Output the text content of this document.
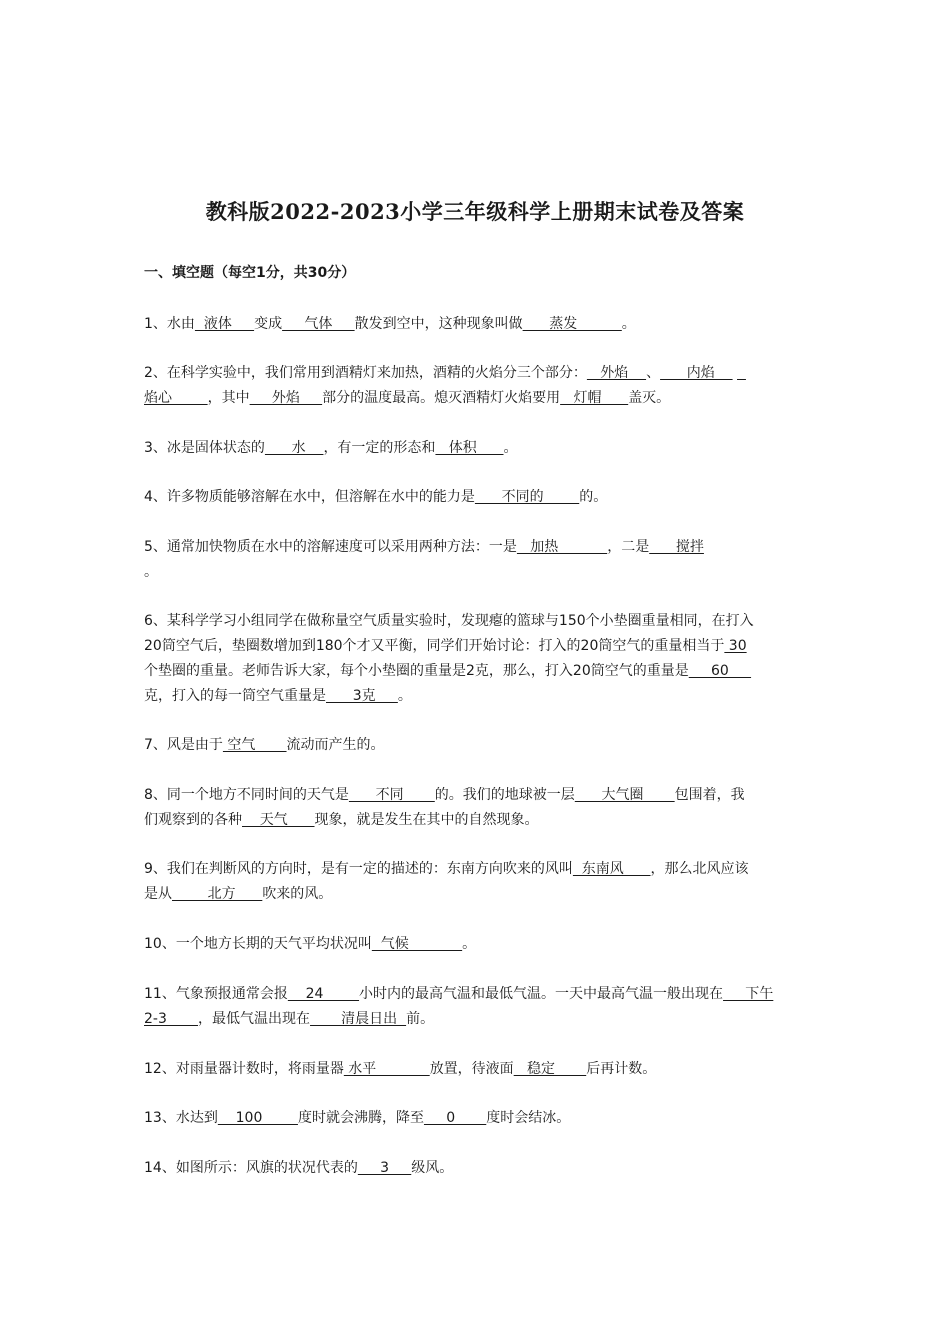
教科版2022-2023小学三年级科学上册期末试卷及答案
一、填空题（每空1分，共30分）
1、水由  液体     变成     气体     散发到空中，这种现象叫做      蒸发          。
2、在科学实验中，我们常用到酒精灯来加热，酒精的火焰分三个部分：   外焰    、      内焰
焰心        ，其中     外焰     部分的温度最高。熄灭酒精灯火焰要用   灯帽      盖灭。
3、冰是固体状态的      水    ，有一定的形态和   体积      。
4、许多物质能够溶解在水中，但溶解在水中的能力是      不同的        的。
5、通常加快物质在水中的溶解速度可以采用两种方法：一是   加热           ，二是      搅拌
。
6、某科学学习小组同学在做称量空气质量实验时，发现瘪的篮球与150个小垫圈重量相同，在打入
20筒空气后，垫圈数增加到180个才又平衡，同学们开始讨论：打入的20筒空气的重量相当于 30
个垫圈的重量。老师告诉大家，每个小垫圈的重量是2克，那么，打入20筒空气的重量是     60
克，打入的每一筒空气重量是      3克     。
7、风是由于 空气       流动而产生的。
8、同一个地方不同时间的天气是      不同       的。我们的地球被一层      大气圈       包围着，我
们观察到的各种    天气      现象，就是发生在其中的自然现象。
9、我们在判断风的方向时，是有一定的描述的：东南方向吹来的风叫  东南风      ，那么北风应该
是从        北方      吹来的风。
10、一个地方长期的天气平均状况叫  气候            。
11、气象预报通常会报    24        小时内的最高气温和最低气温。一天中最高气温一般出现在     下午
2-3       ，最低气温出现在       清晨日出  前。
12、对雨量器计数时，将雨量器 水平            放置，待液面   稳定       后再计数。
13、水达到    100        度时就会沸腾，降至     0       度时会结冰。
14、如图所示：风旗的状况代表的     3     级风。
